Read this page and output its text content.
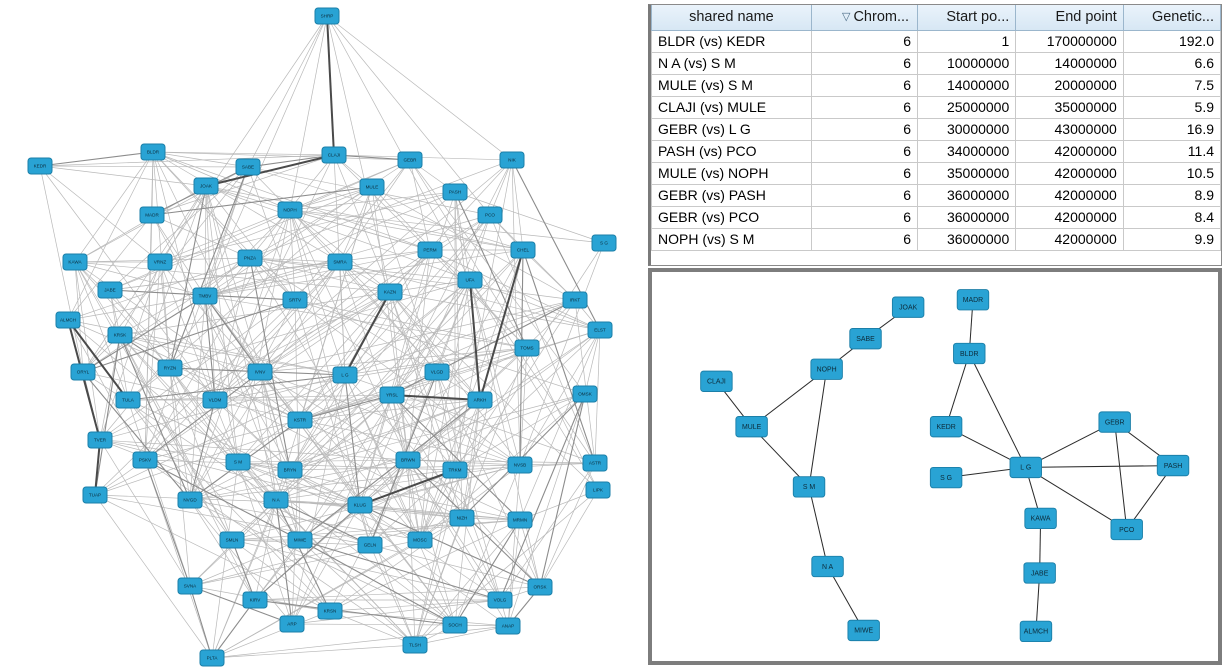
SHRP
KEDR
BLDR
MADR
JOAK
SABE
NOPH
CLAJI
MULE
GEBR
PASH
PCO
NIK
S G
L G
KAWA
JABE
ALMCH
S M
N A
MIWE
BRWN
TRKM
SVNA
ARP
PLTA
KRSN
TLSH
VOLG
ORSK
LIPK
NVSB
OMSK
TOMS
IRKT
CHEL
UFA
PERM
KAZN
SMRA
SRTV
PNZA
TMBV
VRNZ
KRSK
ORYL
TULA
RYZN
VLDM
IVNV
KSTR
YRSL
VLGD
ARKH
MRMN
PSKV
NVGD
TVER
SMLN
BRYN
KLUG
MOSC
NIZH
KIRV
ASTR
ELST
SOCH	ANAP
GELN
TUAP
shared name	▽ Chrom...	Start po...	End point	Genetic...
BLDR (vs) KEDR	6	1	170000000	192.0
N A (vs) S M	6	10000000	14000000	6.6
MULE (vs) S M	6	14000000	20000000	7.5
CLAJI (vs) MULE	6	25000000	35000000	5.9
GEBR (vs) L G	6	30000000	43000000	16.9
PASH (vs) PCO	6	34000000	42000000	11.4
MULE (vs) NOPH	6	35000000	42000000	10.5
GEBR (vs) PASH	6	36000000	42000000	8.9
GEBR (vs) PCO	6	36000000	42000000	8.4
NOPH (vs) S M	6	36000000	42000000	9.9
JOAK
MADR
SABE
BLDR
NOPH
CLAJI
GEBR
KEDR
MULE
L G
S G
PASH
KAWA
PCO
S M
JABE
N A
ALMCH
MIWE
